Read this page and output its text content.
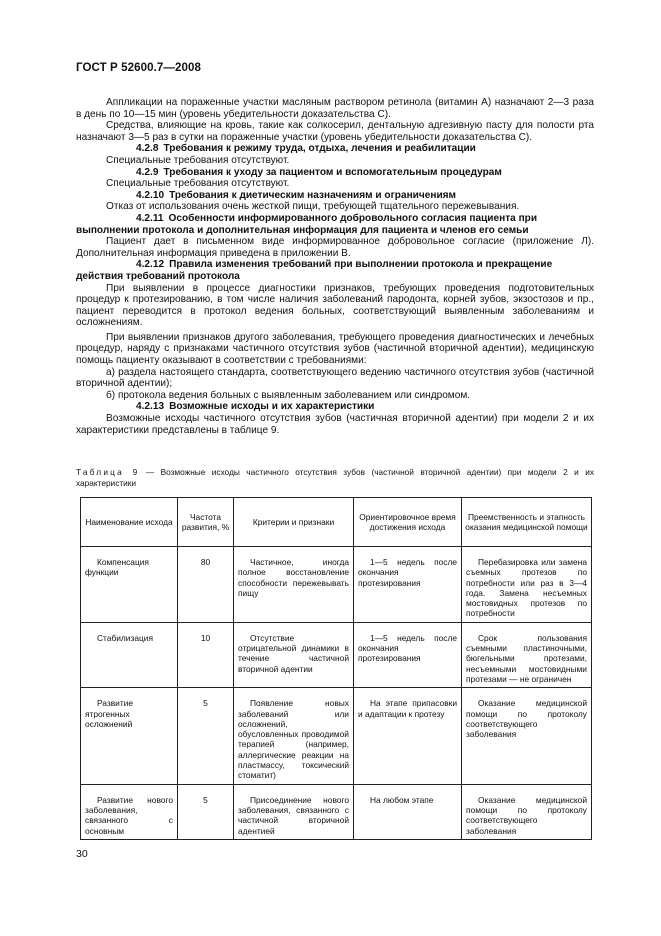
ГОСТ Р 52600.7—2008

Аппликации на пораженные участки масляным раствором ретинола (витамин А) назначают 2—3 раза в день по 10—15 мин (уровень убедительности доказательства С).

Средства, влияющие на кровь, такие как солкосерил, дентальную адгезивную пасту для полости рта назначают 3—5 раз в сутки на пораженные участки (уровень убедительности доказательства С).

4.2.8 Требования к режиму труда, отдыха, лечения и реабилитации

Специальные требования отсутствуют.

4.2.9 Требования к уходу за пациентом и вспомогательным процедурам

Специальные требования отсутствуют.

4.2.10 Требования к диетическим назначениям и ограничениям

Отказ от использования очень жесткой пищи, требующей тщательного пережевывания.

4.2.11 Особенности информированного добровольного согласия пациента при выполнении протокола и дополнительная информация для пациента и членов его семьи

Пациент дает в письменном виде информированное добровольное согласие (приложение Л). Дополнительная информация приведена в приложении В.

4.2.12 Правила изменения требований при выполнении протокола и прекращение действия требований протокола

При выявлении в процессе диагностики признаков, требующих проведения подготовительных процедур к протезированию, в том числе наличия заболеваний пародонта, корней зубов, экзостозов и пр., пациент переводится в протокол ведения больных, соответствующий выявленным заболеваниям и осложнениям.

При выявлении признаков другого заболевания, требующего проведения диагностических и лечебных процедур, наряду с признаками частичного отсутствия зубов (частичной вторичной адентии), медицинскую помощь пациенту оказывают в соответствии с требованиями:

а) раздела настоящего стандарта, соответствующего ведению частичного отсутствия зубов (частичной вторичной адентии);

б) протокола ведения больных с выявленным заболеванием или синдромом.

4.2.13 Возможные исходы и их характеристики

Возможные исходы частичного отсутствия зубов (частичная вторичной адентии) при модели 2 и их характеристики представлены в таблице 9.

Таблица 9 — Возможные исходы частичного отсутствия зубов (частичной вторичной адентии) при модели 2 и их характеристики
Наименование исхода	Частота развития, %	Критерии и признаки	Ориентировочное время достижения исхода	Преемственность и этапность оказания медицинской помощи
Компенсация функции	80	Частичное, иногда полное восстановление способности пережевывать пищу	1—5 недель после окончания протезирования	Перебазировка или замена съемных протезов по потребности или раз в 3—4 года. Замена несъемных мостовидных протезов по потребности
Стабилизация	10	Отсутствие отрицательной динамики в течение частичной вторичной адентии	1—5 недель после окончания протезирования	Срок пользования съемными пластиночными, бюгельными протезами, несъемными мостовидными протезами — не ограничен
Развитие ятрогенных осложнений	5	Появление новых заболеваний или осложнений, обусловленных проводимой терапией (например, аллергические реакции на пластмассу, токсический стоматит)	На этапе припасовки и адаптации к протезу	Оказание медицинской помощи по протоколу соответствующего заболевания
Развитие нового заболевания, связанного с основным	5	Присоединение нового заболевания, связанного с частичной вторичной адентией	На любом этапе	Оказание медицинской помощи по протоколу соответствующего заболевания
30
